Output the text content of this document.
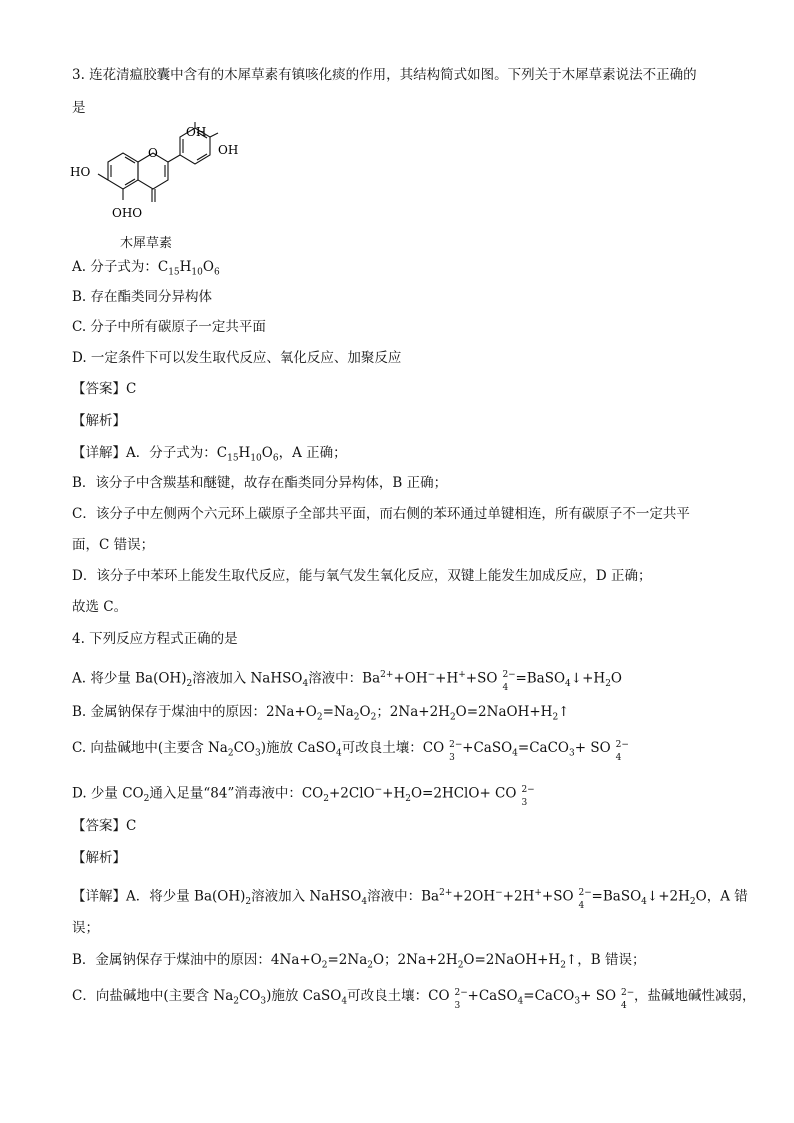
3. 连花清瘟胶囊中含有的木犀草素有镇咳化痰的作用，其结构简式如图。下列关于木犀草素说法不正确的
是
OH
OH
HO
O
OHO
木犀草素
A. 分子式为：$C_{15}H_{10}O_6$
B. 存在酯类同分异构体
C. 分子中所有碳原子一定共平面
D. 一定条件下可以发生取代反应、氧化反应、加聚反应
【答案】C
【解析】
【详解】A．分子式为：$C_{15}H_{10}O_6$，A 正确；
B．该分子中含羰基和醚键，故存在酯类同分异构体，B 正确；
C．该分子中左侧两个六元环上碳原子全部共平面，而右侧的苯环通过单键相连，所有碳原子不一定共平
面，C 错误；
D．该分子中苯环上能发生取代反应，能与氧气发生氧化反应，双键上能发生加成反应，D 正确；
故选 C。
4. 下列反应方程式正确的是
A. 将少量 $Ba(OH)_2$溶液加入 NaHSO$_4$溶液中：$Ba^{2+}+OH^-+H^++SO$ 2−
4
$=BaSO_4↓+H_2O$
B. 金属钠保存于煤油中的原因：$2Na+O_2=Na_2O_2$；$2Na+2H_2O=2NaOH+H_2↑$
C. 向盐碱地中(主要含 $Na_2CO_3$)施放 CaSO$_4$可改良土壤：CO 2−
3
+CaSO$_4$=CaCO$_3$+ SO 2−
4
D. 少量 $CO_2$通入足量“84”消毒液中：$CO_2+2ClO^-+H_2O=2HClO+$ CO 2−
3
【答案】C
【解析】
【详解】A．将少量 $Ba(OH)_2$溶液加入 NaHSO$_4$溶液中：$Ba^{2+}+2OH^-+2H^++SO$ 2−
4
$=BaSO_4↓+2H_2O$，A 错
误；
B．金属钠保存于煤油中的原因：$4Na+O_2=2Na_2O$；$2Na+2H_2O=2NaOH+H_2↑$，B 错误；
C．向盐碱地中(主要含 $Na_2CO_3$)施放 CaSO$_4$可改良土壤：CO 2−
3
+CaSO$_4$=CaCO$_3$+ SO 2−
4
，盐碱地碱性减弱，
